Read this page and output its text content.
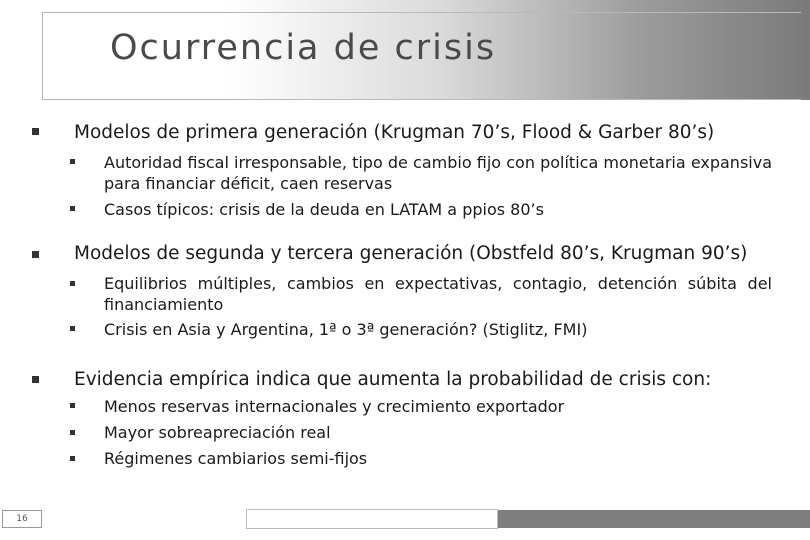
Ocurrencia de crisis
Modelos de primera generación (Krugman 70’s, Flood & Garber 80’s)
Autoridad fiscal irresponsable, tipo de cambio fijo con política monetaria expansiva para financiar déficit, caen reservas
Casos típicos: crisis de la deuda en LATAM a ppios 80’s
Modelos de segunda y tercera generación (Obstfeld 80’s, Krugman 90’s)
Equilibrios múltiples, cambios en expectativas, contagio, detención súbita del financiamiento
Crisis en Asia y Argentina, 1ª o 3ª generación? (Stiglitz, FMI)
Evidencia empírica indica que aumenta la probabilidad de crisis con:
Menos reservas internacionales y crecimiento exportador
Mayor sobreapreciación real
Régimenes cambiarios semi-fijos
16
